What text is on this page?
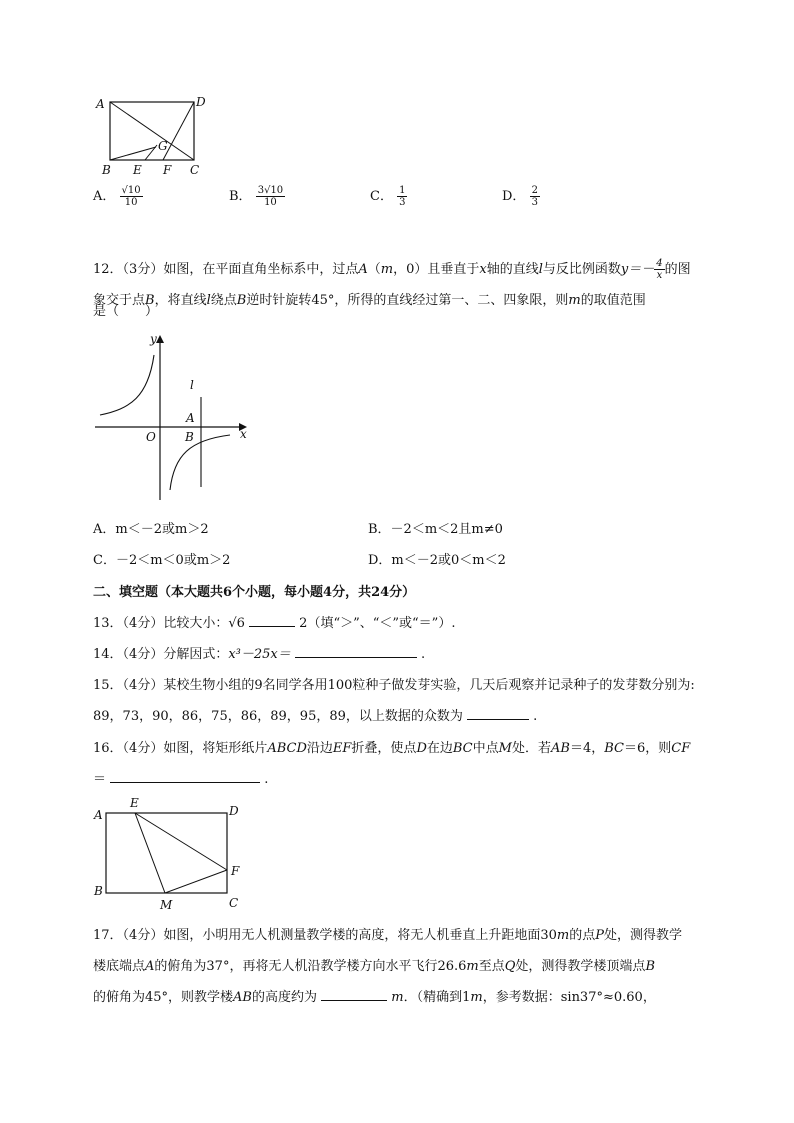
A	D
G
B E F C
A． $\frac{√10}{10}$	B． $\frac{3√10}{10}$	C． $\frac{1}{3}$	D． $\frac{2}{3}$
12．（3分）如图，在平面直角坐标系中，过点A（m，0）且垂直于x轴的直线l与反比例函数$y=- \frac{4}{x}$ 的图
象交于点B，将直线l绕点B逆时针旋转45°，所得的直线经过第一、二、四象限，则m的取值范围
是（　　）
y
l
A
x
O B
A．m＜－2或m＞2	B．－2＜m＜2且m≠0
C．－2＜m＜0或m＞2	D．m＜－2或0＜m＜2
二、填空题（本大题共6个小题，每小题4分，共24分）
13．（4分）比较大小：√6	2（填“＞”、“＜”或“＝”）.
14．（4分）分解因式：x³－25x＝	.
15．（4分）某校生物小组的9名同学各用100粒种子做发芽实验，几天后观察并记录种子的发芽数分别为:
89，73，90，86，75，86，89，95，89，以上数据的众数为	.
16．（4分）如图，将矩形纸片ABCD沿边EF折叠，使点D在边BC中点M处．若AB＝4，BC＝6，则CF
＝	.
A
E
D
F
B
M	C
17．（4分）如图，小明用无人机测量教学楼的高度，将无人机垂直上升距地面30m的点P处，测得教学
楼底端点A的俯角为37°，再将无人机沿教学楼方向水平飞行26.6m至点Q处，测得教学楼顶端点B
的俯角为45°，则教学楼AB的高度约为	m．（精确到1m，参考数据：sin37°≈0.60，
